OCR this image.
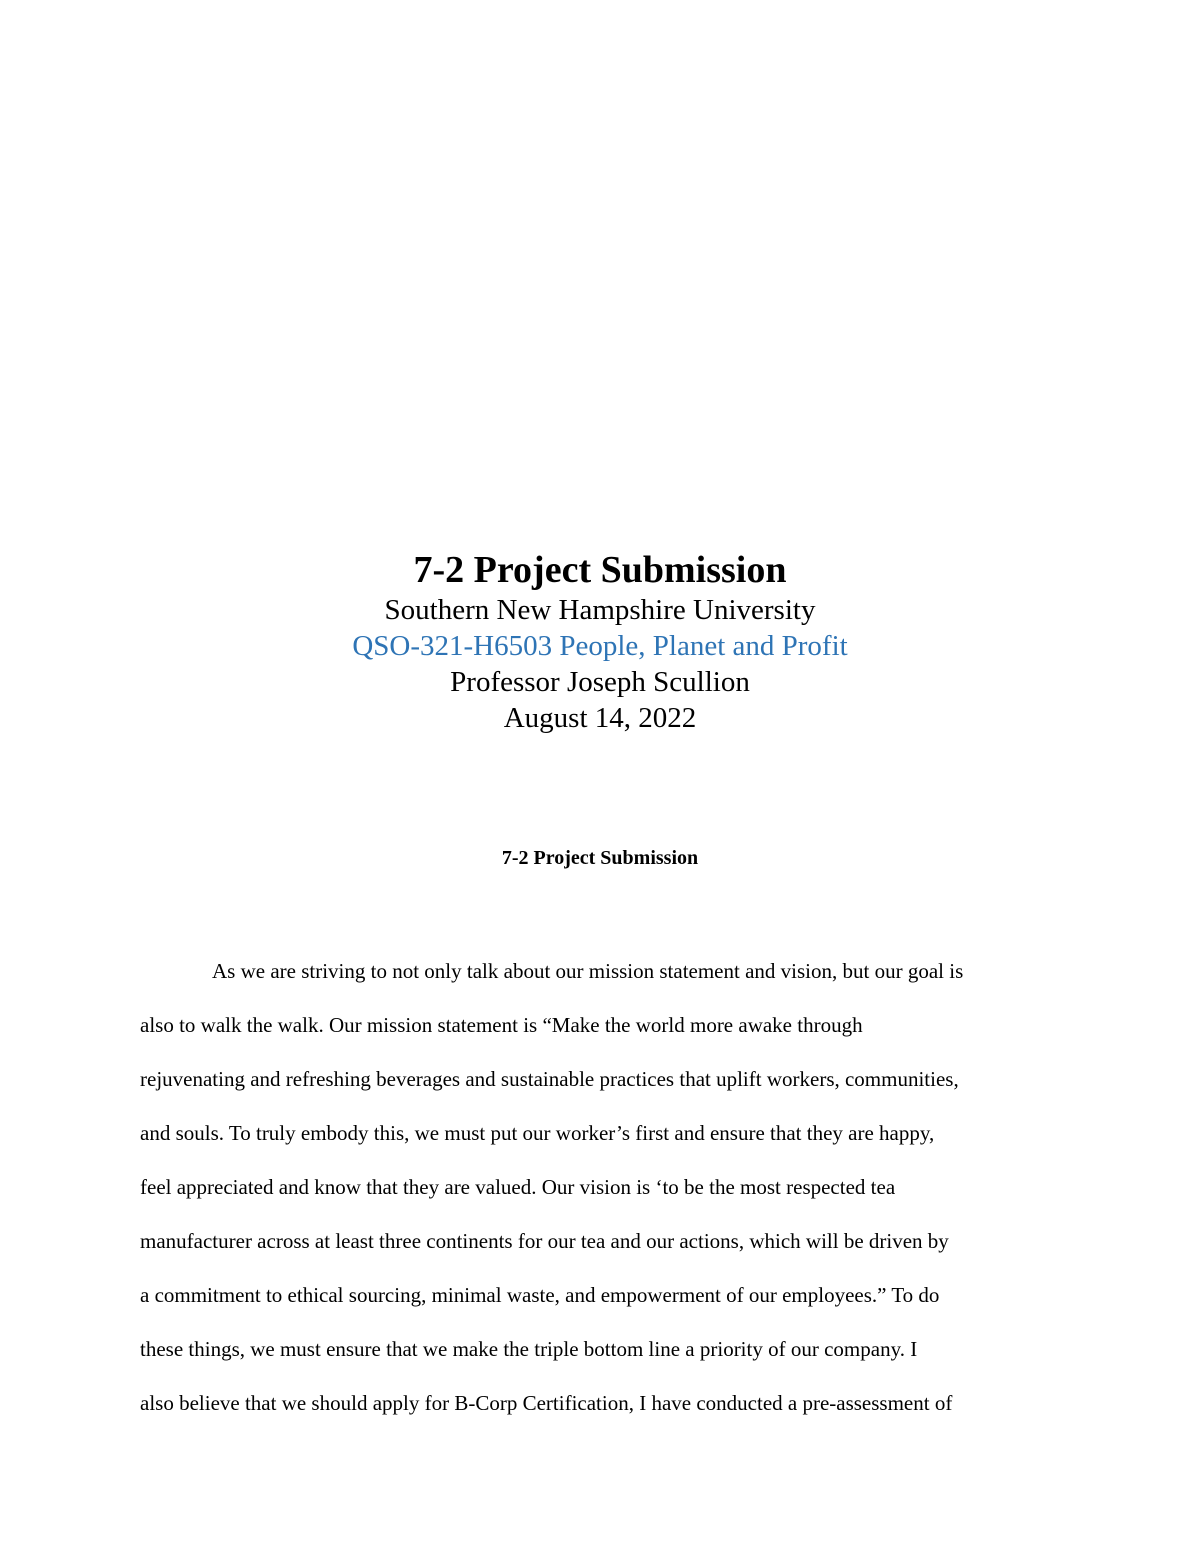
7-2 Project Submission
Southern New Hampshire University
QSO-321-H6503 People, Planet and Profit
Professor Joseph Scullion
August 14, 2022
7-2 Project Submission
As we are striving to not only talk about our mission statement and vision, but our goal is
also to walk the walk. Our mission statement is “Make the world more awake through
rejuvenating and refreshing beverages and sustainable practices that uplift workers, communities,
and souls. To truly embody this, we must put our worker’s first and ensure that they are happy,
feel appreciated and know that they are valued. Our vision is ‘to be the most respected tea
manufacturer across at least three continents for our tea and our actions, which will be driven by
a commitment to ethical sourcing, minimal waste, and empowerment of our employees.” To do
these things, we must ensure that we make the triple bottom line a priority of our company. I
also believe that we should apply for B-Corp Certification, I have conducted a pre-assessment of
